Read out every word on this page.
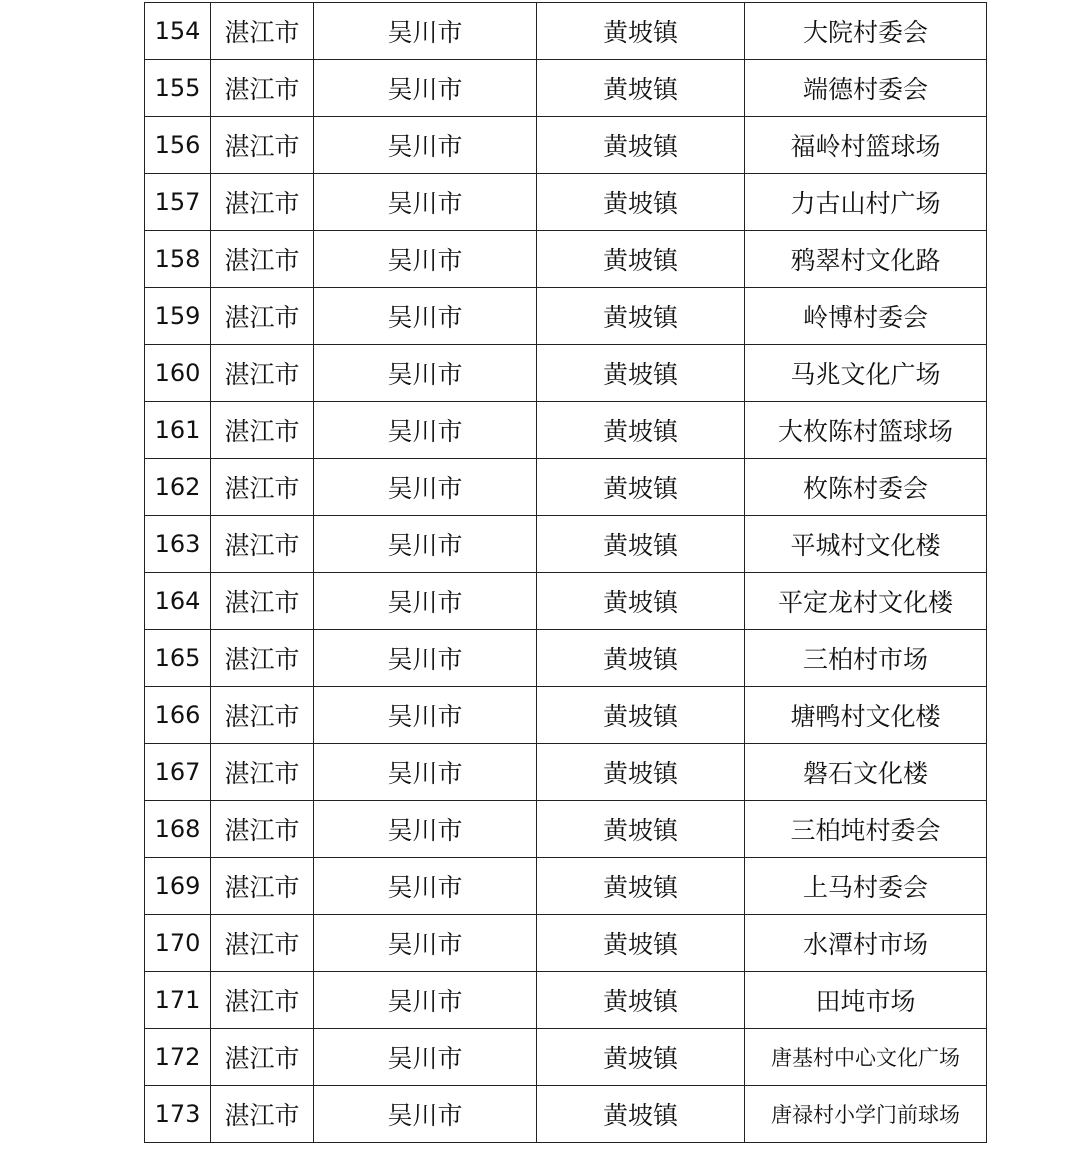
154	湛江市	吴川市	黄坡镇	大院村委会
155	湛江市	吴川市	黄坡镇	端德村委会
156	湛江市	吴川市	黄坡镇	福岭村篮球场
157	湛江市	吴川市	黄坡镇	力古山村广场
158	湛江市	吴川市	黄坡镇	鸦翠村文化路
159	湛江市	吴川市	黄坡镇	岭博村委会
160	湛江市	吴川市	黄坡镇	马兆文化广场
161	湛江市	吴川市	黄坡镇	大枚陈村篮球场
162	湛江市	吴川市	黄坡镇	枚陈村委会
163	湛江市	吴川市	黄坡镇	平城村文化楼
164	湛江市	吴川市	黄坡镇	平定龙村文化楼
165	湛江市	吴川市	黄坡镇	三柏村市场
166	湛江市	吴川市	黄坡镇	塘鸭村文化楼
167	湛江市	吴川市	黄坡镇	磐石文化楼
168	湛江市	吴川市	黄坡镇	三柏坉村委会
169	湛江市	吴川市	黄坡镇	上马村委会
170	湛江市	吴川市	黄坡镇	水潭村市场
171	湛江市	吴川市	黄坡镇	田坉市场
172	湛江市	吴川市	黄坡镇	唐基村中心文化广场
173	湛江市	吴川市	黄坡镇	唐禄村小学门前球场
